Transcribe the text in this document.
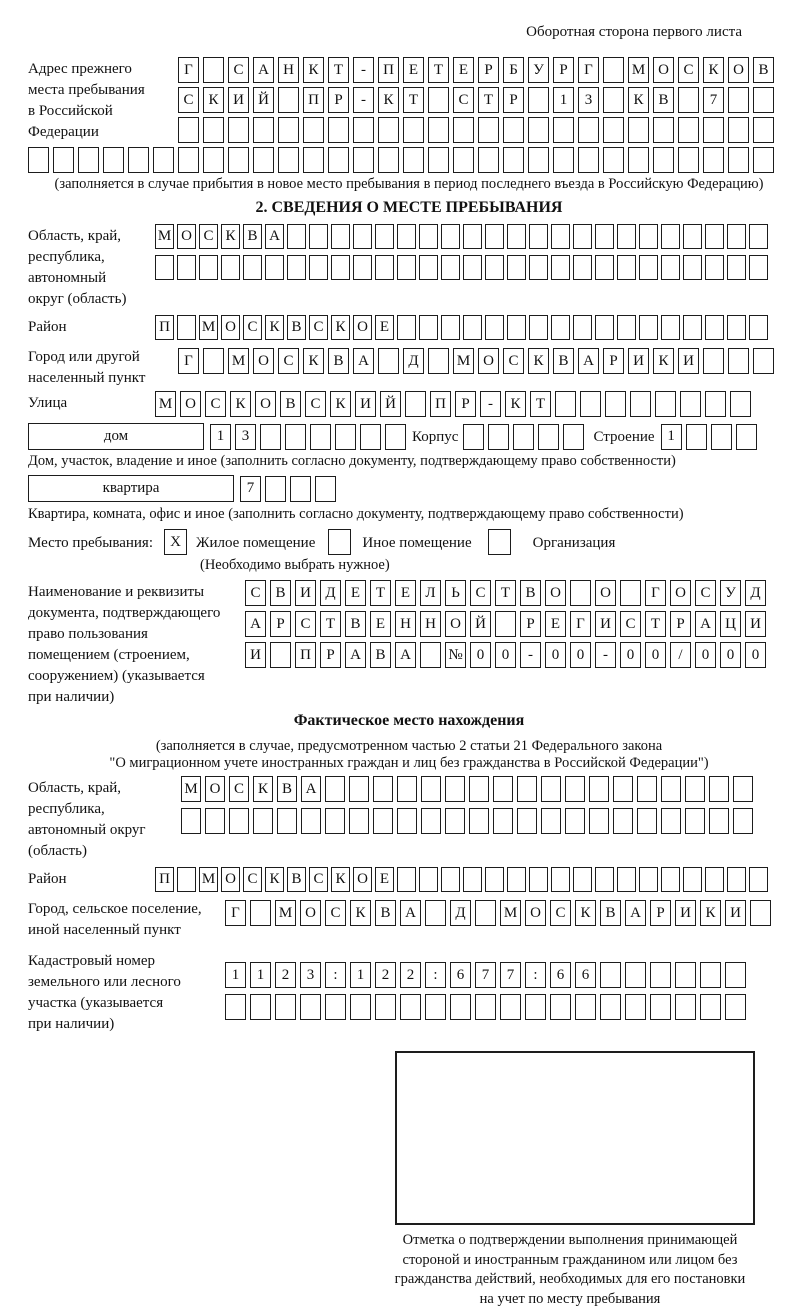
Оборотная сторона первого листа
Адрес прежнего
места пребывания
в Российской
Федерации
Г	С А Н К	Т	-	П Е	Т	Е	Р	Б	У	Р	Г	М О С К О В
С К И Й	П	Р	-	К	Т	С	Т	Р	1	3	К В	7
(заполняется в случае прибытия в новое место пребывания в период последнего въезда в Российскую Федерацию)
2. СВЕДЕНИЯ О МЕСТЕ ПРЕБЫВАНИЯ
Область, край,
республика,
автономный
округ (область)
М О С К В А
Район	П М О С К В С К О Е
Город или другой
населенный пункт
Г	М О С К В А	Д	М О С К В А	Р	И К И
Улица	М О С К О В С К И Й	П	Р	-	К	Т
дом	1	3	Корпус	Строение 1
Дом, участок, владение и иное (заполнить согласно документу, подтверждающему право собственности)
квартира	7
Квартира, комната, офис и иное (заполнить согласно документу, подтверждающему право собственности)
Место пребывания:	X	Жилое помещение	Иное помещение	Организация
(Необходимо выбрать нужное)
Наименование и реквизиты
документа, подтверждающего
право пользования
помещением (строением,
сооружением) (указывается
при наличии)
С В И Д	Е	Т	Е	Л	Ь	С	Т	В О	О	Г	О С У Д
А	Р	С	Т	В	Е	Н Н О Й	Р	Е	Г	И С	Т	Р	А Ц И
И	П	Р	А В А	№ 0	0	-	0	0	-	0	0	/	0	0	0
Фактическое место нахождения
(заполняется в случае, предусмотренном частью 2 статьи 21 Федерального закона
"О миграционном учете иностранных граждан и лиц без гражданства в Российской Федерации")
Область, край,
республика,
автономный округ
(область)
М О С К В А
Район	П М О С К В С К О Е
Город, сельское поселение,
иной населенный пункт
Г	М О С К В А	Д	М О С К В А	Р	И К И
Кадастровый номер
земельного или лесного
участка (указывается
при наличии)
1	1	2	3	:	1	2	2	:	6	7	7	:	6	6
Отметка о подтверждении выполнения принимающей
стороной и иностранным гражданином или лицом без
гражданства действий, необходимых для его постановки
на учет по месту пребывания
